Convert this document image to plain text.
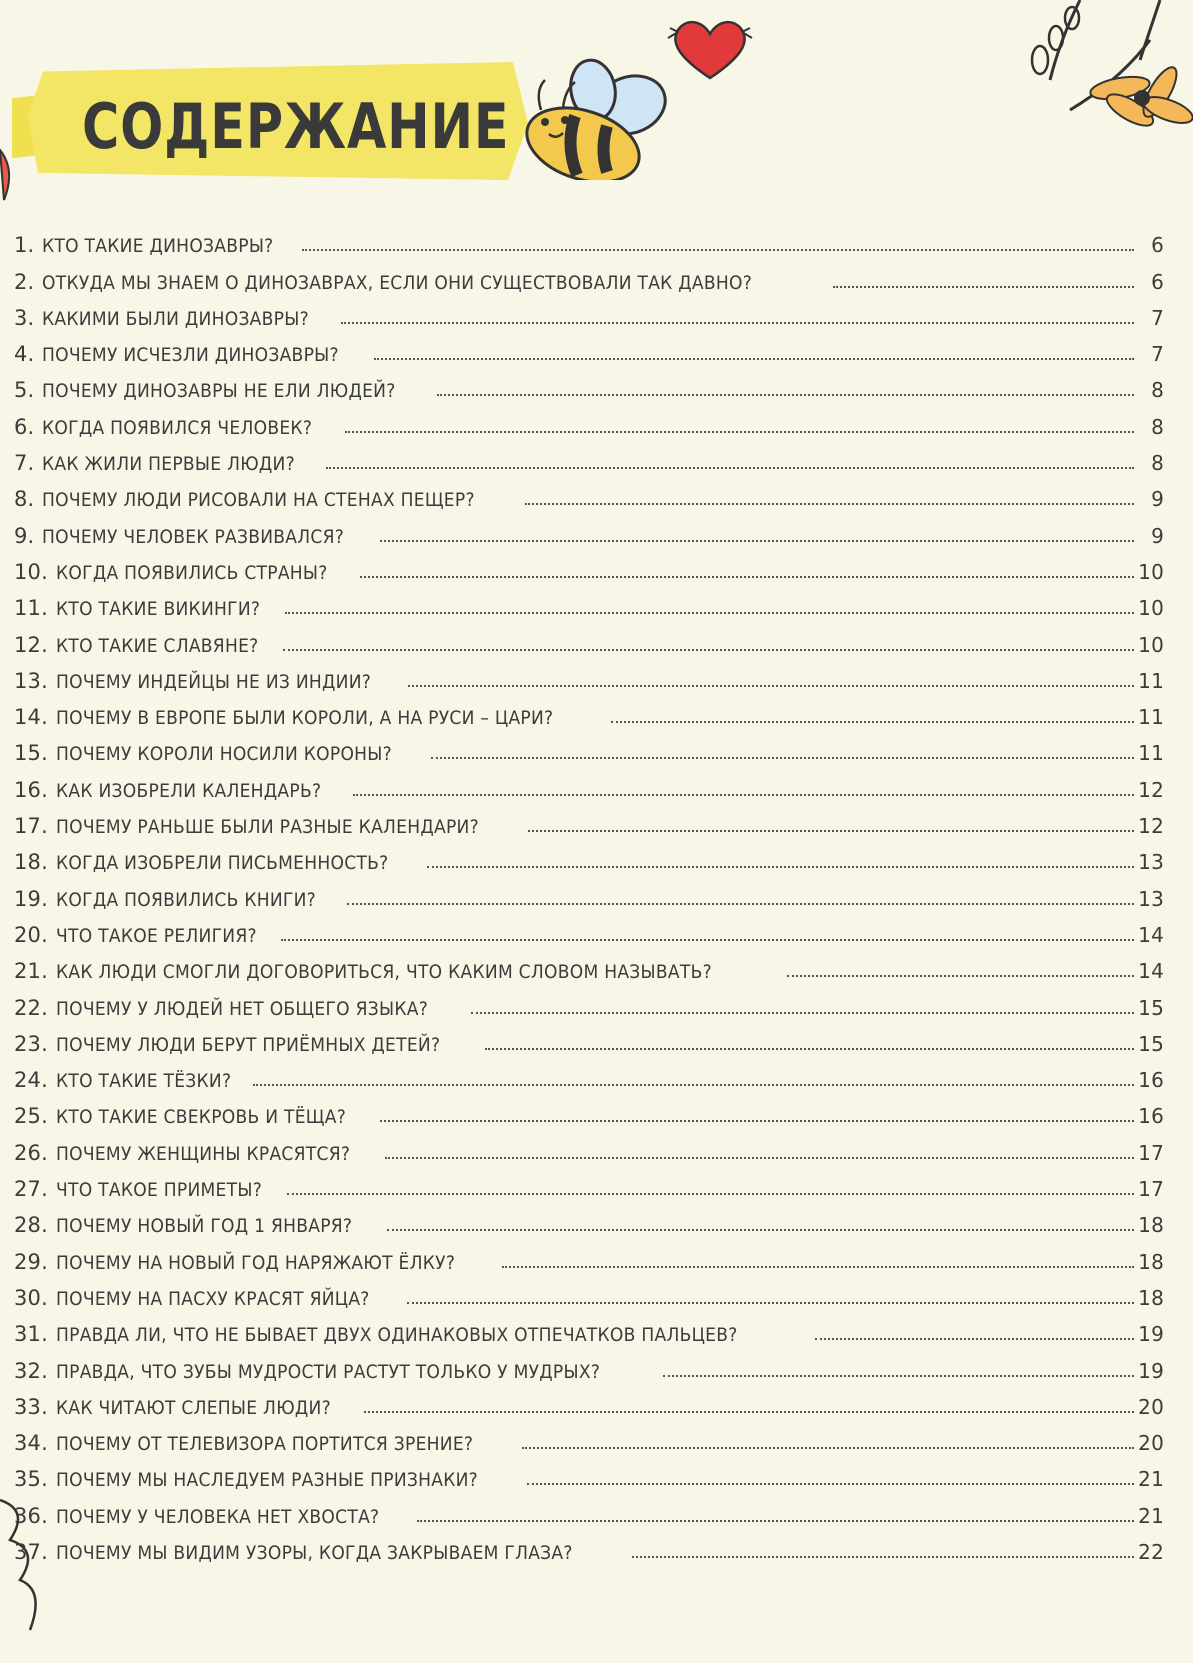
СОДЕРЖАНИЕ
1. КТО ТАКИЕ ДИНОЗАВРЫ?	6
2. ОТКУДА МЫ ЗНАЕМ О ДИНОЗАВРАХ, ЕСЛИ ОНИ СУЩЕСТВОВАЛИ ТАК ДАВНО?	6
3. КАКИМИ БЫЛИ ДИНОЗАВРЫ?	7
4. ПОЧЕМУ ИСЧЕЗЛИ ДИНОЗАВРЫ?	7
5. ПОЧЕМУ ДИНОЗАВРЫ НЕ ЕЛИ ЛЮДЕЙ?	8
6. КОГДА ПОЯВИЛСЯ ЧЕЛОВЕК?	8
7. КАК ЖИЛИ ПЕРВЫЕ ЛЮДИ?	8
8. ПОЧЕМУ ЛЮДИ РИСОВАЛИ НА СТЕНАХ ПЕЩЕР?	9
9. ПОЧЕМУ ЧЕЛОВЕК РАЗВИВАЛСЯ?	9
10. КОГДА ПОЯВИЛИСЬ СТРАНЫ?	10
11. КТО ТАКИЕ ВИКИНГИ?	10
12. КТО ТАКИЕ СЛАВЯНЕ?	10
13. ПОЧЕМУ ИНДЕЙЦЫ НЕ ИЗ ИНДИИ?	11
14. ПОЧЕМУ В ЕВРОПЕ БЫЛИ КОРОЛИ, А НА РУСИ – ЦАРИ?	11
15. ПОЧЕМУ КОРОЛИ НОСИЛИ КОРОНЫ?	11
16. КАК ИЗОБРЕЛИ КАЛЕНДАРЬ?	12
17. ПОЧЕМУ РАНЬШЕ БЫЛИ РАЗНЫЕ КАЛЕНДАРИ?	12
18. КОГДА ИЗОБРЕЛИ ПИСЬМЕННОСТЬ?	13
19. КОГДА ПОЯВИЛИСЬ КНИГИ?	13
20. ЧТО ТАКОЕ РЕЛИГИЯ?	14
21. КАК ЛЮДИ СМОГЛИ ДОГОВОРИТЬСЯ, ЧТО КАКИМ СЛОВОМ НАЗЫВАТЬ?	14
22. ПОЧЕМУ У ЛЮДЕЙ НЕТ ОБЩЕГО ЯЗЫКА?	15
23. ПОЧЕМУ ЛЮДИ БЕРУТ ПРИЁМНЫХ ДЕТЕЙ?	15
24. КТО ТАКИЕ ТЁЗКИ?	16
25. КТО ТАКИЕ СВЕКРОВЬ И ТЁЩА?	16
26. ПОЧЕМУ ЖЕНЩИНЫ КРАСЯТСЯ?	17
27. ЧТО ТАКОЕ ПРИМЕТЫ?	17
28. ПОЧЕМУ НОВЫЙ ГОД 1 ЯНВАРЯ?	18
29. ПОЧЕМУ НА НОВЫЙ ГОД НАРЯЖАЮТ ЁЛКУ?	18
30. ПОЧЕМУ НА ПАСХУ КРАСЯТ ЯЙЦА?	18
31. ПРАВДА ЛИ, ЧТО НЕ БЫВАЕТ ДВУХ ОДИНАКОВЫХ ОТПЕЧАТКОВ ПАЛЬЦЕВ?	19
32. ПРАВДА, ЧТО ЗУБЫ МУДРОСТИ РАСТУТ ТОЛЬКО У МУДРЫХ?	19
33. КАК ЧИТАЮТ СЛЕПЫЕ ЛЮДИ?	20
34. ПОЧЕМУ ОТ ТЕЛЕВИЗОРА ПОРТИТСЯ ЗРЕНИЕ?	20
35. ПОЧЕМУ МЫ НАСЛЕДУЕМ РАЗНЫЕ ПРИЗНАКИ?	21
36. ПОЧЕМУ У ЧЕЛОВЕКА НЕТ ХВОСТА?	21
37. ПОЧЕМУ МЫ ВИДИМ УЗОРЫ, КОГДА ЗАКРЫВАЕМ ГЛАЗА?	22
